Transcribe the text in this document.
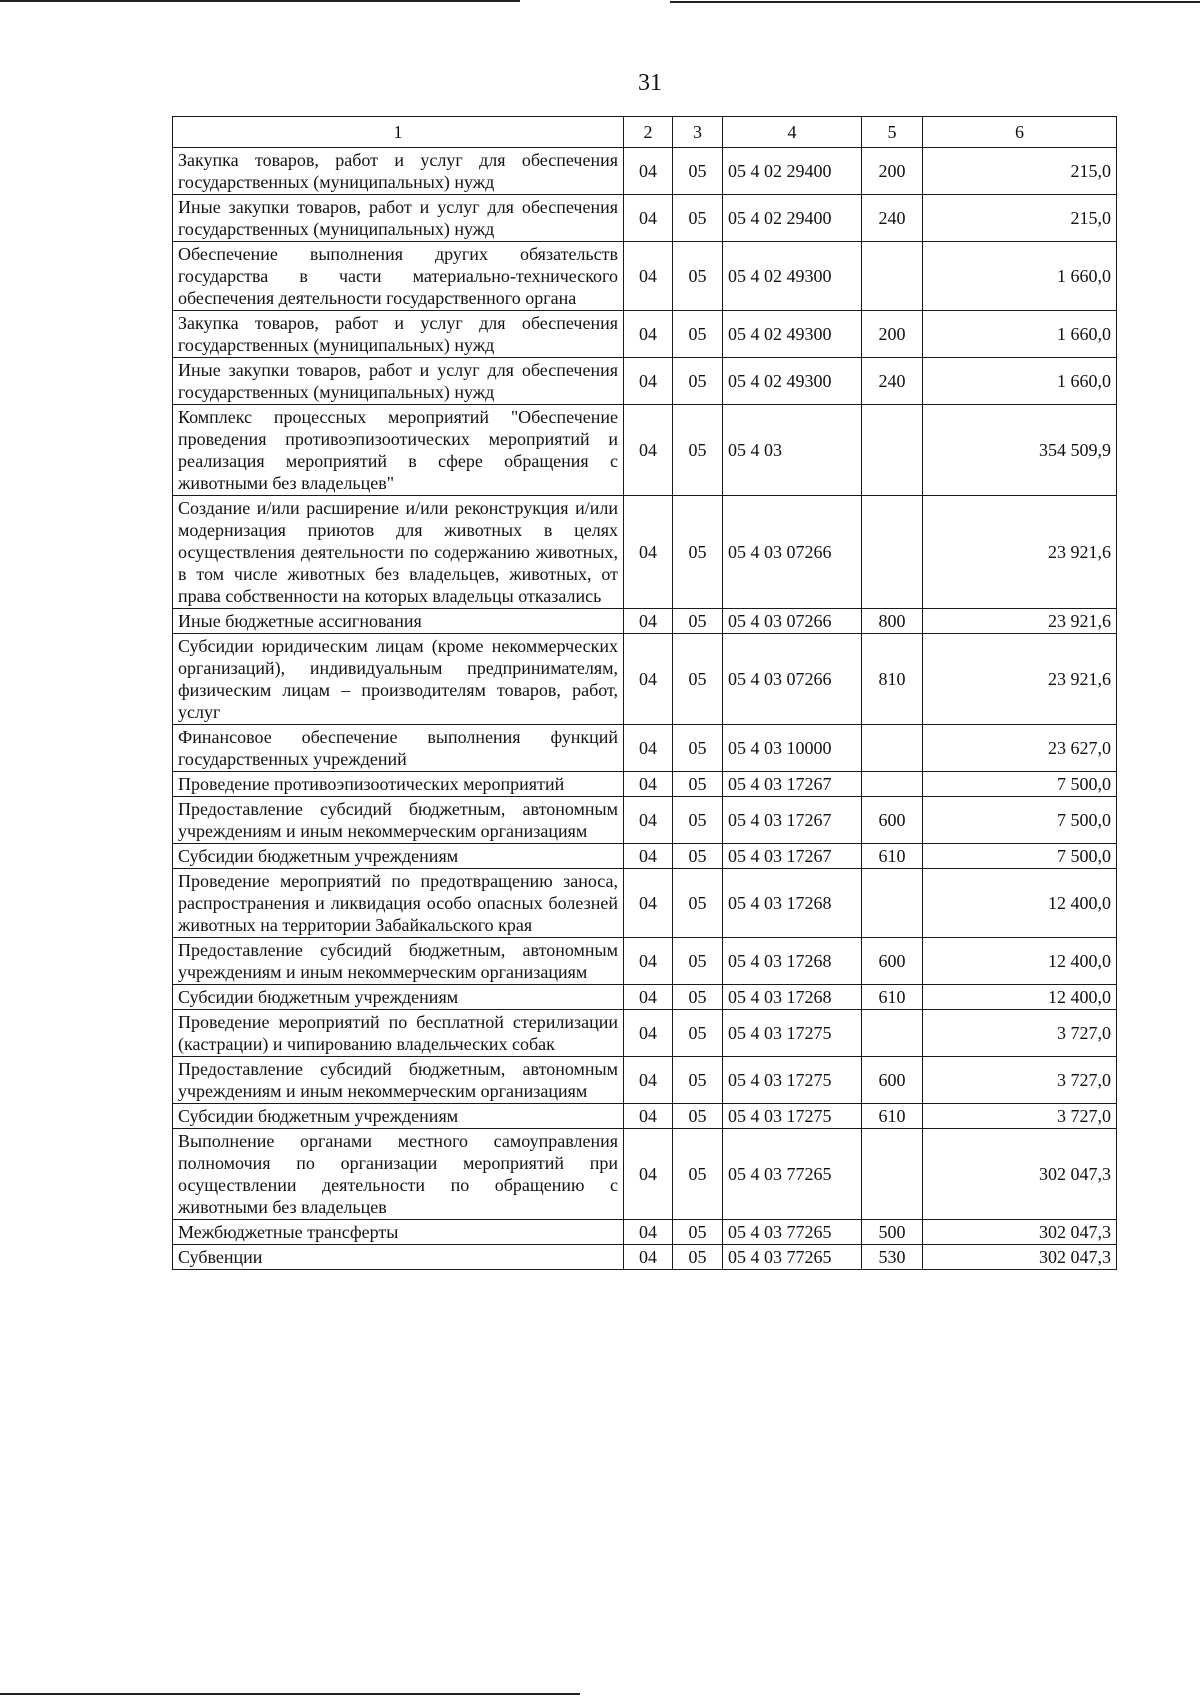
31
1	2	3	4	5	6
Закупка товаров, работ и услуг для обеспечения государственных (муниципальных) нужд	04	05	05 4 02 29400	200	215,0
Иные закупки товаров, работ и услуг для обеспечения государственных (муниципальных) нужд	04	05	05 4 02 29400	240	215,0
Обеспечение выполнения других обязательств государства в части материально-технического обеспечения деятельности государственного органа	04	05	05 4 02 49300		1 660,0
Закупка товаров, работ и услуг для обеспечения государственных (муниципальных) нужд	04	05	05 4 02 49300	200	1 660,0
Иные закупки товаров, работ и услуг для обеспечения государственных (муниципальных) нужд	04	05	05 4 02 49300	240	1 660,0
Комплекс процессных мероприятий "Обеспечение проведения противоэпизоотических мероприятий и реализация мероприятий в сфере обращения с животными без владельцев"	04	05	05 4 03		354 509,9
Создание и/или расширение и/или реконструкция и/или модернизация приютов для животных в целях осуществления деятельности по содержанию животных, в том числе животных без владельцев, животных, от права собственности на которых владельцы отказались	04	05	05 4 03 07266		23 921,6
Иные бюджетные ассигнования	04	05	05 4 03 07266	800	23 921,6
Субсидии юридическим лицам (кроме некоммерческих организаций), индивидуальным предпринимателям, физическим лицам – производителям товаров, работ, услуг	04	05	05 4 03 07266	810	23 921,6
Финансовое обеспечение выполнения функций государственных учреждений	04	05	05 4 03 10000		23 627,0
Проведение противоэпизоотических мероприятий	04	05	05 4 03 17267		7 500,0
Предоставление субсидий бюджетным, автономным учреждениям и иным некоммерческим организациям	04	05	05 4 03 17267	600	7 500,0
Субсидии бюджетным учреждениям	04	05	05 4 03 17267	610	7 500,0
Проведение мероприятий по предотвращению заноса, распространения и ликвидация особо опасных болезней животных на территории Забайкальского края	04	05	05 4 03 17268		12 400,0
Предоставление субсидий бюджетным, автономным учреждениям и иным некоммерческим организациям	04	05	05 4 03 17268	600	12 400,0
Субсидии бюджетным учреждениям	04	05	05 4 03 17268	610	12 400,0
Проведение мероприятий по бесплатной стерилизации (кастрации) и чипированию владельческих собак	04	05	05 4 03 17275		3 727,0
Предоставление субсидий бюджетным, автономным учреждениям и иным некоммерческим организациям	04	05	05 4 03 17275	600	3 727,0
Субсидии бюджетным учреждениям	04	05	05 4 03 17275	610	3 727,0
Выполнение органами местного самоуправления полномочия по организации мероприятий при осуществлении деятельности по обращению с животными без владельцев	04	05	05 4 03 77265		302 047,3
Межбюджетные трансферты	04	05	05 4 03 77265	500	302 047,3
Субвенции	04	05	05 4 03 77265	530	302 047,3
